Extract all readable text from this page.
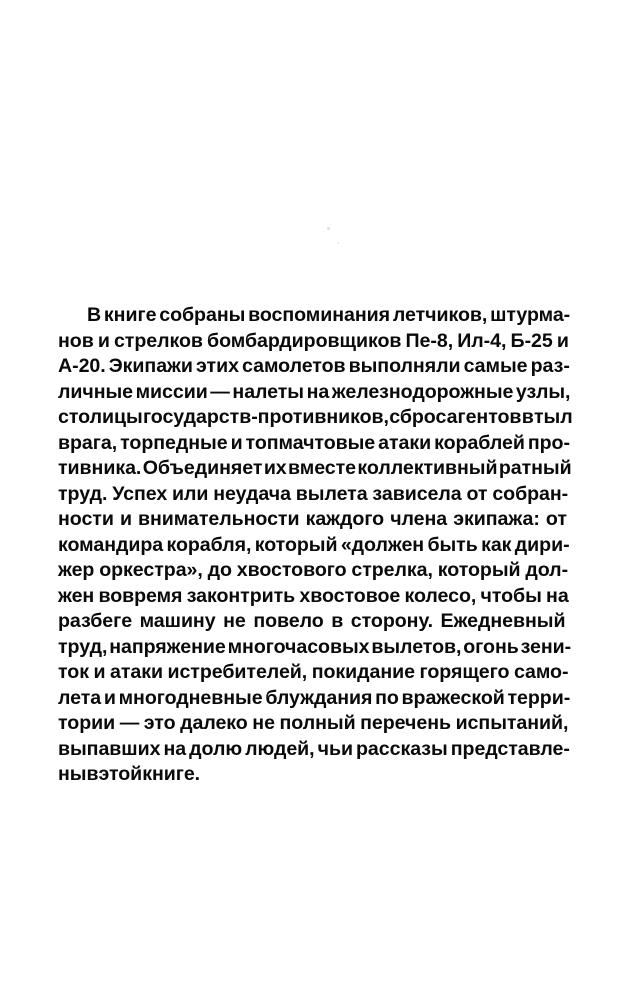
В книге собраны воспоминания летчиков, штурма-
нов и стрелков бомбардировщиков Пе-8, Ил-4, Б-25 и
А-20. Экипажи этих самолетов выполняли самые раз-
личные миссии — налеты на железнодорожные узлы,
столицы государств-противников, сброс агентов в тыл
врага, торпедные и топмачтовые атаки кораблей про-
тивника. Объединяет их вместе коллективный ратный
труд. Успех или неудача вылета зависела от собран-
ности и внимательности каждого члена экипажа: от
командира корабля, который «должен быть как дири-
жер оркестра», до хвостового стрелка, который дол-
жен вовремя законтрить хвостовое колесо, чтобы на
разбеге машину не повело в сторону. Ежедневный
труд, напряжение многочасовых вылетов, огонь зени-
ток и атаки истребителей, покидание горящего само-
лета и многодневные блуждания по вражеской терри-
тории — это далеко не полный перечень испытаний,
выпавших на долю людей, чьи рассказы представле-
ны в этой книге.
